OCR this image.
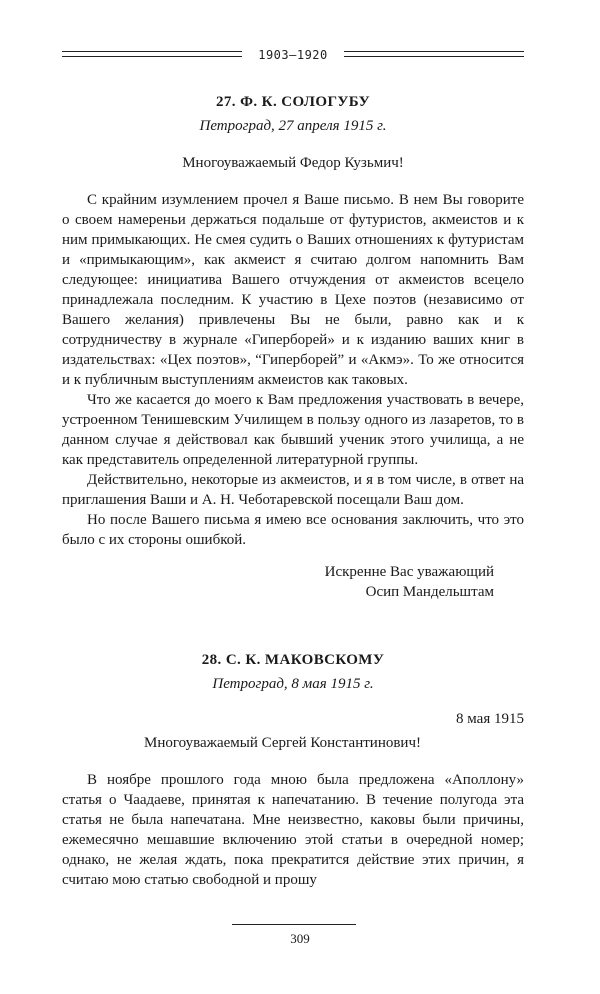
1903–1920
27. Ф. К. СОЛОГУБУ
Петроград, 27 апреля 1915 г.
Многоуважаемый Федор Кузьмич!

С крайним изумлением прочел я Ваше письмо. В нем Вы говорите о своем намереньи держаться подальше от футуристов, акмеистов и к ним примыкающих. Не смея судить о Ваших отношениях к футуристам и «примыкающим», как акмеист я считаю долгом напомнить Вам следующее: инициатива Вашего отчуждения от акмеистов всецело принадлежала последним. К участию в Цехе поэтов (независимо от Вашего желания) привлечены Вы не были, равно как и к сотрудничеству в журнале «Гиперборей» и к изданию ваших книг в издательствах: «Цех поэтов», “Гиперборей” и «Акмэ». То же относится и к публичным выступлениям акмеистов как таковых.

Что же касается до моего к Вам предложения участвовать в вечере, устроенном Тенишевским Училищем в пользу одного из лазаретов, то в данном случае я действовал как бывший ученик этого училища, а не как представитель определенной литературной группы.

Действительно, некоторые из акмеистов, и я в том числе, в ответ на приглашения Ваши и А. Н. Чеботаревской посещали Ваш дом.

Но после Вашего письма я имею все основания заключить, что это было с их стороны ошибкой.

Искренне Вас уважающий
Осип Мандельштам
28. С. К. МАКОВСКОМУ
Петроград, 8 мая 1915 г.
8 мая 1915
Многоуважаемый Сергей Константинович!

В ноябре прошлого года мною была предложена «Аполлону» статья о Чаадаеве, принятая к напечатанию. В течение полугода эта статья не была напечатана. Мне неизвестно, каковы были причины, ежемесячно мешавшие включению этой статьи в очередной номер; однако, не желая ждать, пока прекратится действие этих причин, я считаю мою статью свободной и прошу

309
